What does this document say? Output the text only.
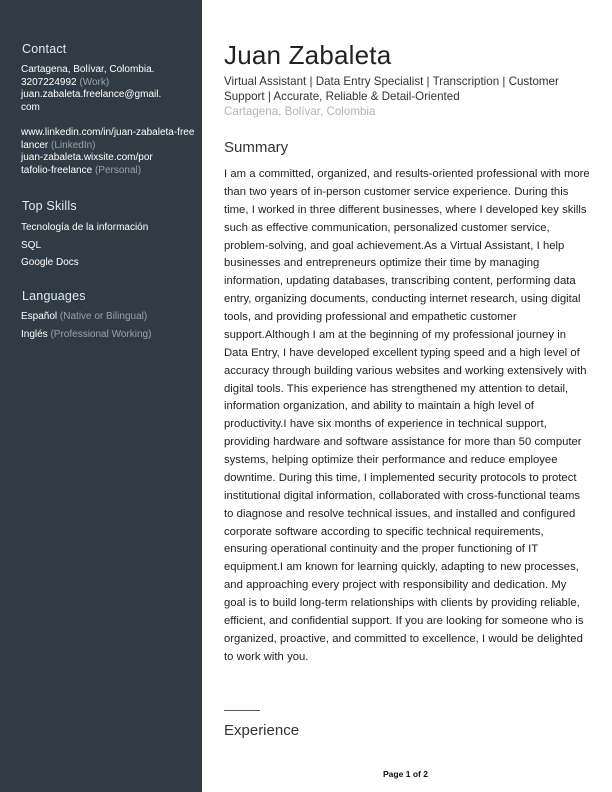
Contact

Cartagena, Bolívar, Colombia.

3207224992 (Work)

juan.zabaleta.freelance@gmail.com

www.linkedin.com/in/juan-zabaleta-freelancer (LinkedIn)

juan-zabaleta.wixsite.com/portafolio-freelance (Personal)

Top Skills
Tecnología de la información
SQL
Google Docs
Languages
Español (Native or Bilingual)
Inglés (Professional Working)
Juan Zabaleta

Virtual Assistant | Data Entry Specialist | Transcription | Customer Support | Accurate, Reliable & Detail-Oriented

Cartagena, Bolívar, Colombia

Summary

I am a committed, organized, and results-oriented professional with more than two years of in-person customer service experience. During this time, I worked in three different businesses, where I developed key skills such as effective communication, personalized customer service, problem-solving, and goal achievement.As a Virtual Assistant, I help businesses and entrepreneurs optimize their time by managing information, updating databases, transcribing content, performing data entry, organizing documents, conducting internet research, using digital tools, and providing professional and empathetic customer support.Although I am at the beginning of my professional journey in Data Entry, I have developed excellent typing speed and a high level of accuracy through building various websites and working extensively with digital tools. This experience has strengthened my attention to detail, information organization, and ability to maintain a high level of productivity.I have six months of experience in technical support, providing hardware and software assistance for more than 50 computer systems, helping optimize their performance and reduce employee downtime. During this time, I implemented security protocols to protect institutional digital information, collaborated with cross-functional teams to diagnose and resolve technical issues, and installed and configured corporate software according to specific technical requirements, ensuring operational continuity and the proper functioning of IT equipment.I am known for learning quickly, adapting to new processes, and approaching every project with responsibility and dedication. My goal is to build long-term relationships with clients by providing reliable, efficient, and confidential support. If you are looking for someone who is organized, proactive, and committed to excellence, I would be delighted to work with you.

Experience

Page 1 of 2
